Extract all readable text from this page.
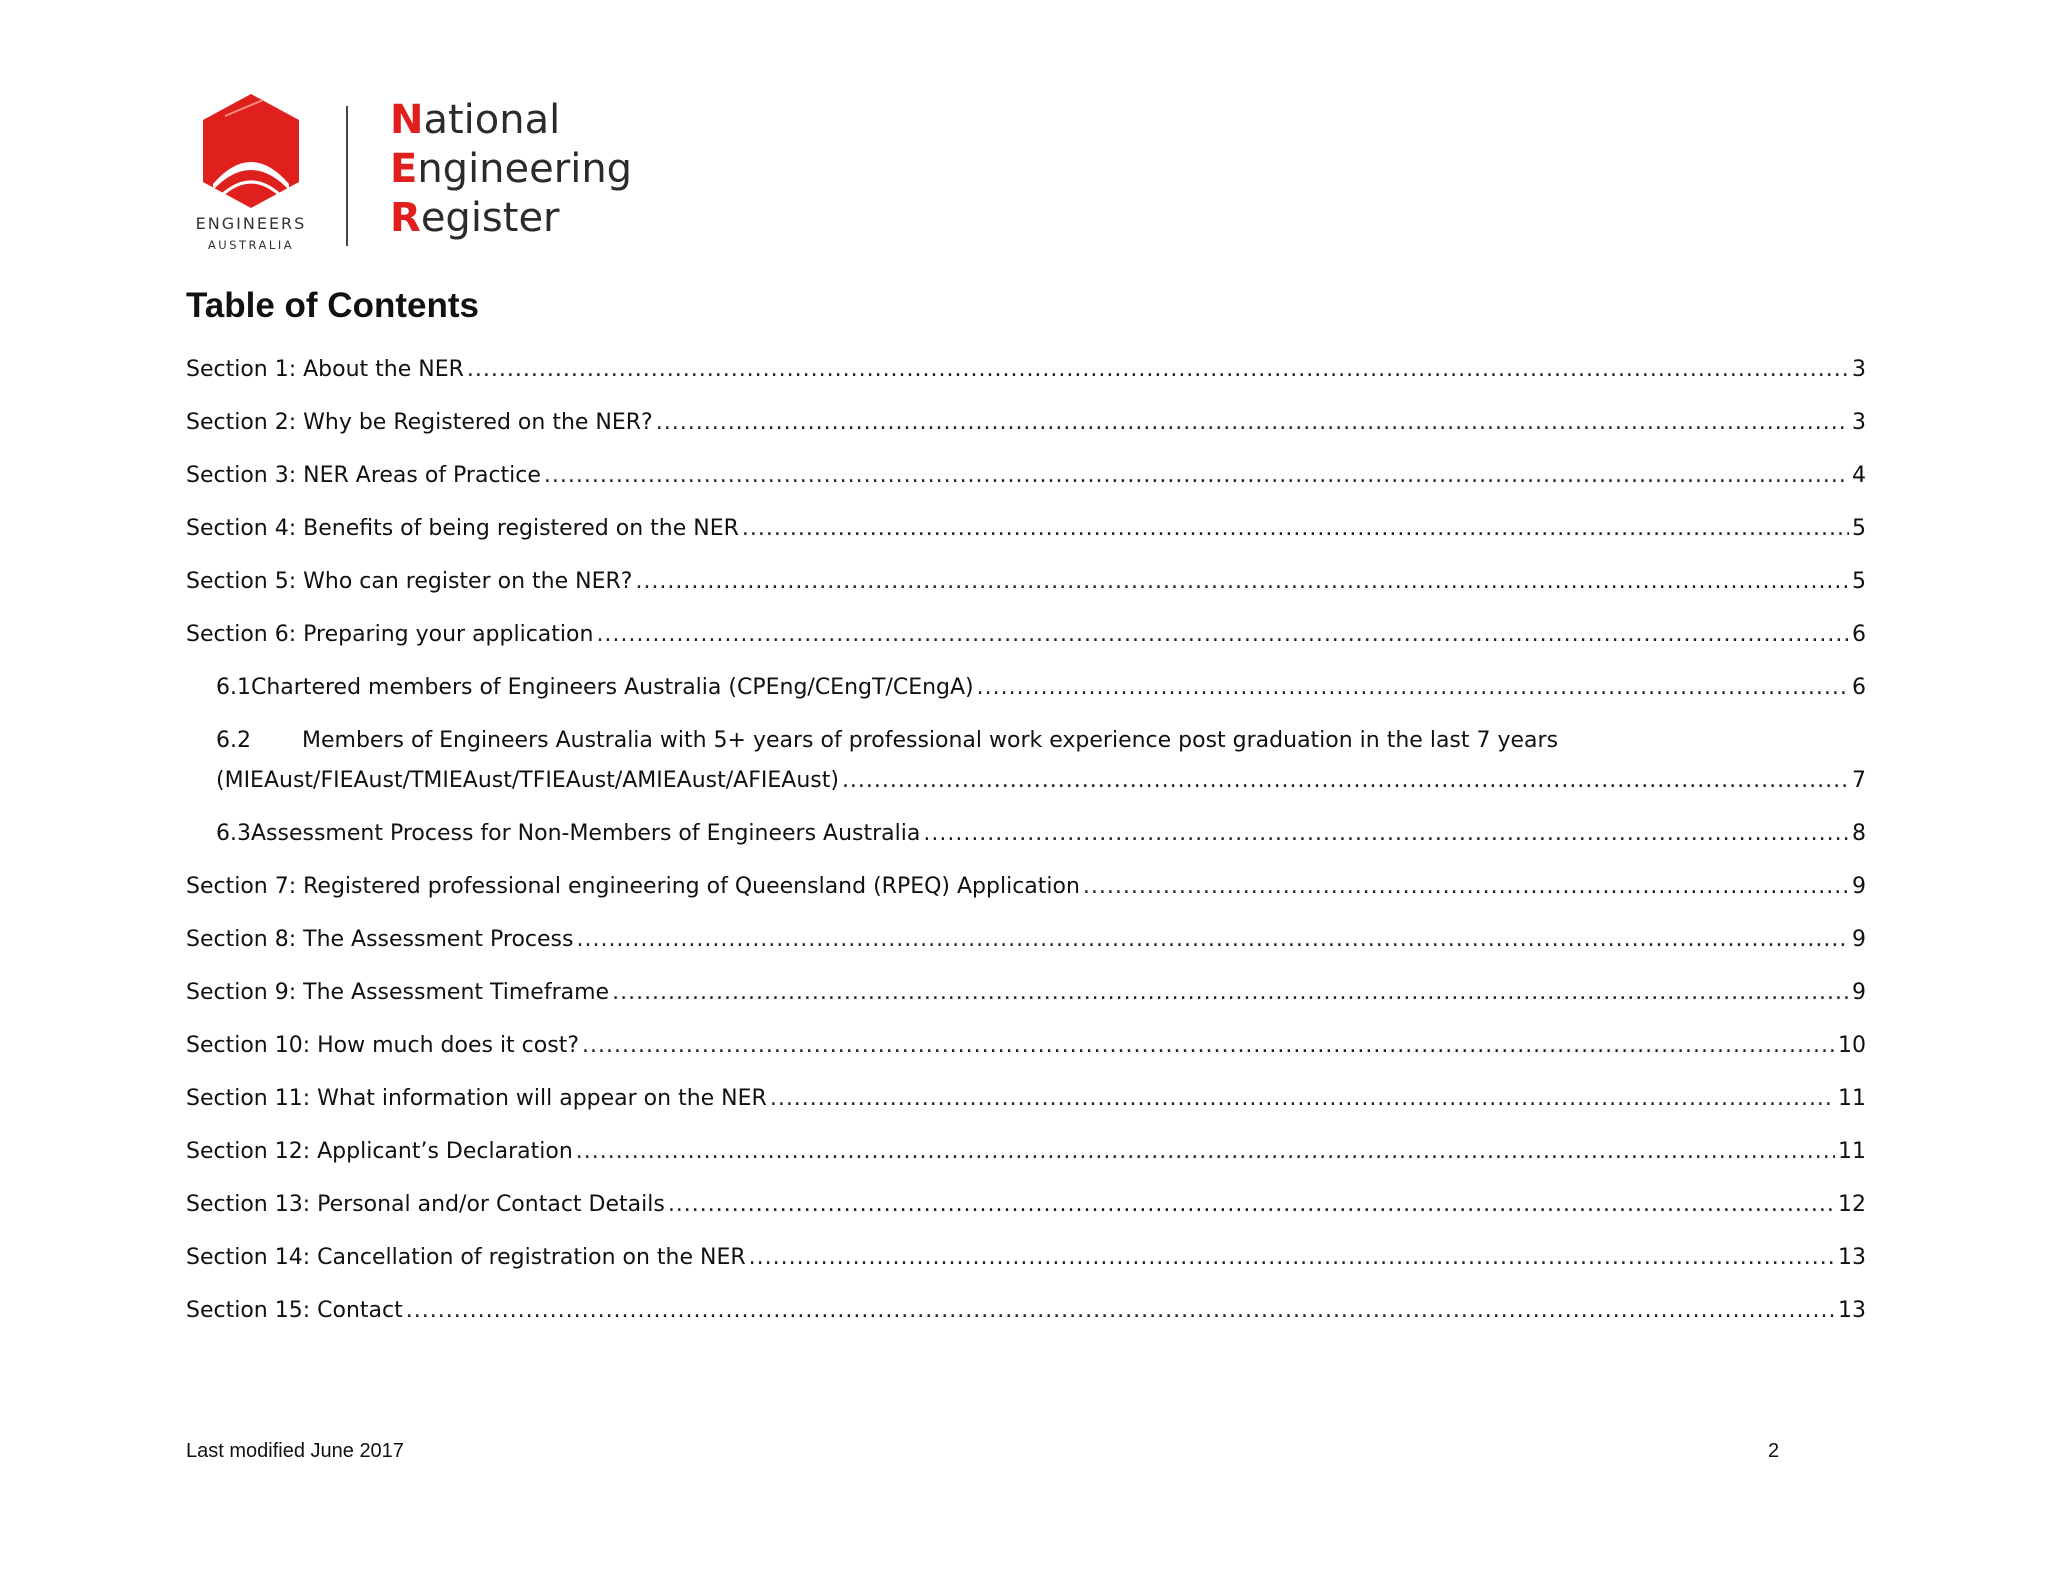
ENGINEERS
AUSTRALIA
National
Engineering
Register
Table of Contents
Section 1: About the NER .....	3
Section 2: Why be Registered on the NER? .....	3
Section 3: NER Areas of Practice .....	4
Section 4: Benefits of being registered on the NER .....	5
Section 5: Who can register on the NER? .....	5
Section 6: Preparing your application .....	6
6.1 Chartered members of Engineers Australia (CPEng/CEngT/CEngA) .....	6
6.2 Members of Engineers Australia with 5+ years of professional work experience post graduation in the last 7 years
(MIEAust/FIEAust/TMIEAust/TFIEAust/AMIEAust/AFIEAust) .....	7
6.3 Assessment Process for Non-Members of Engineers Australia .....	8
Section 7: Registered professional engineering of Queensland (RPEQ) Application .....	9
Section 8: The Assessment Process .....	9
Section 9: The Assessment Timeframe .....	9
Section 10: How much does it cost? .....	10
Section 11: What information will appear on the NER .....	11
Section 12: Applicant’s Declaration .....	11
Section 13: Personal and/or Contact Details .....	12
Section 14: Cancellation of registration on the NER .....	13
Section 15: Contact .....	13
Last modified June 2017	2
